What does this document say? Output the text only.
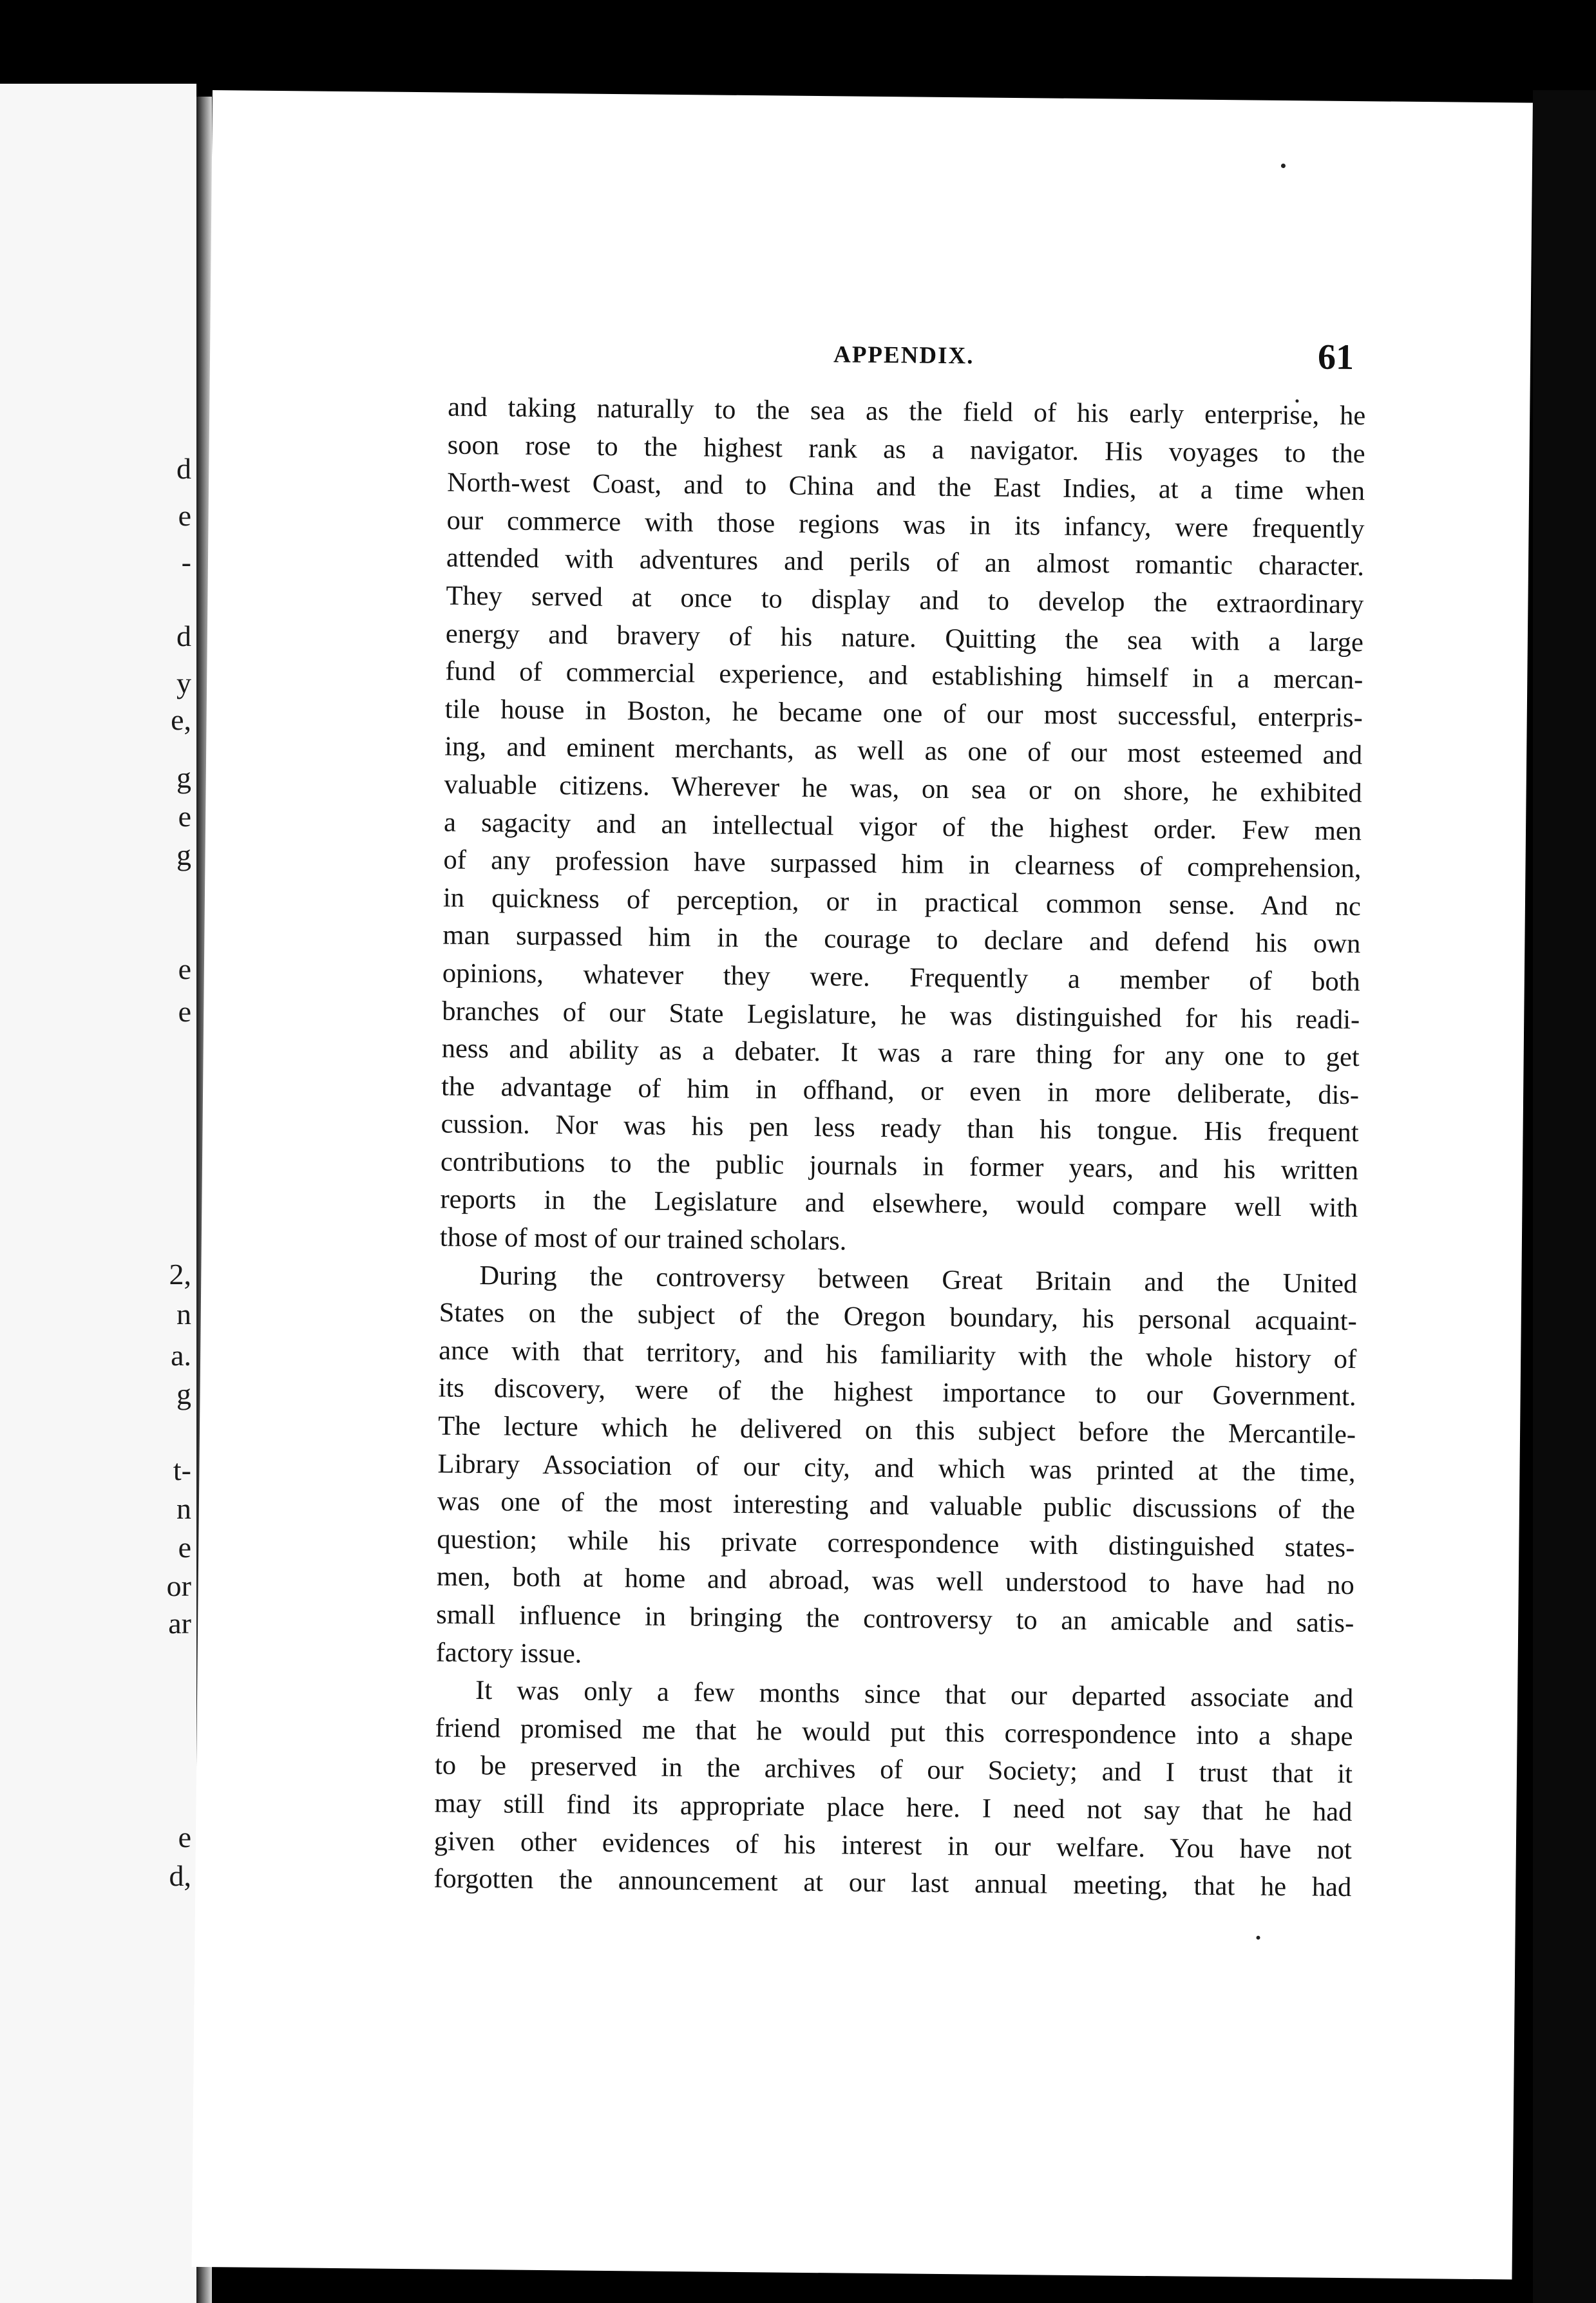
d
e
-
d
y
e,
g
e
g
e
e
2,
n
a.
g
t-
n
e
or
ar
e
d,
APPENDIX.	61
and taking naturally to the sea as the field of his early enterprise, he
soon rose to the highest rank as a navigator. His voyages to the
North-west Coast, and to China and the East Indies, at a time when
our commerce with those regions was in its infancy, were frequently
attended with adventures and perils of an almost romantic character.
They served at once to display and to develop the extraordinary
energy and bravery of his nature. Quitting the sea with a large
fund of commercial experience, and establishing himself in a mercan-
tile house in Boston, he became one of our most successful, enterpris-
ing, and eminent merchants, as well as one of our most esteemed and
valuable citizens. Wherever he was, on sea or on shore, he exhibited
a sagacity and an intellectual vigor of the highest order. Few men
of any profession have surpassed him in clearness of comprehension,
in quickness of perception, or in practical common sense. And nc
man surpassed him in the courage to declare and defend his own
opinions, whatever they were. Frequently a member of both
branches of our State Legislature, he was distinguished for his readi-
ness and ability as a debater. It was a rare thing for any one to get
the advantage of him in offhand, or even in more deliberate, dis-
cussion. Nor was his pen less ready than his tongue. His frequent
contributions to the public journals in former years, and his written
reports in the Legislature and elsewhere, would compare well with
those of most of our trained scholars.
During the controversy between Great Britain and the United
States on the subject of the Oregon boundary, his personal acquaint-
ance with that territory, and his familiarity with the whole history of
its discovery, were of the highest importance to our Government.
The lecture which he delivered on this subject before the Mercantile-
Library Association of our city, and which was printed at the time,
was one of the most interesting and valuable public discussions of the
question; while his private correspondence with distinguished states-
men, both at home and abroad, was well understood to have had no
small influence in bringing the controversy to an amicable and satis-
factory issue.
It was only a few months since that our departed associate and
friend promised me that he would put this correspondence into a shape
to be preserved in the archives of our Society; and I trust that it
may still find its appropriate place here. I need not say that he had
given other evidences of his interest in our welfare. You have not
forgotten the announcement at our last annual meeting, that he had
